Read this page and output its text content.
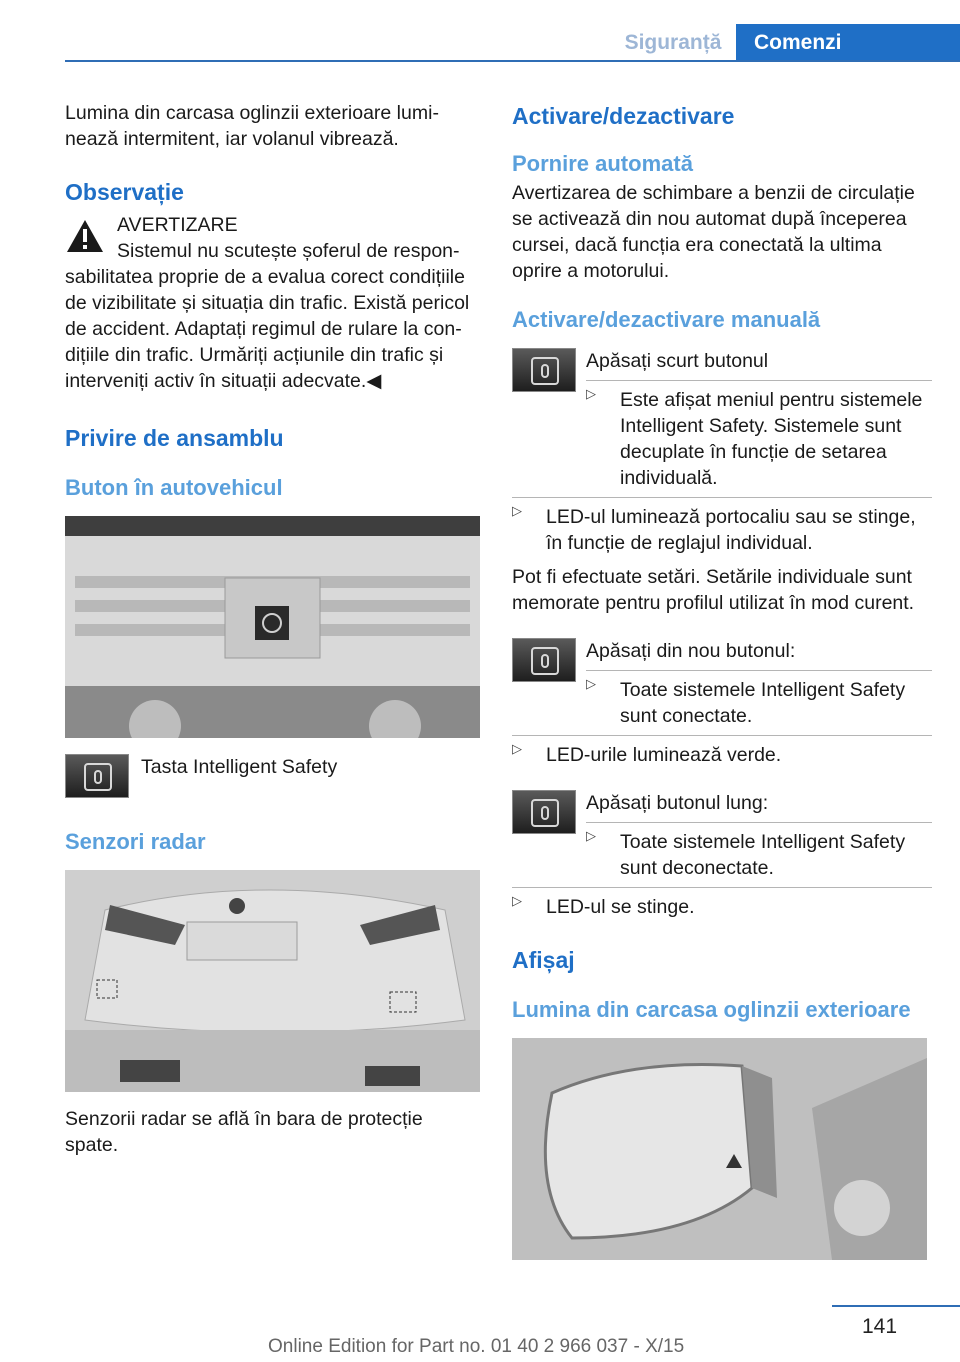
Siguranță	Comenzi

Lumina din carcasa oglinzii exterioare luminează intermitent, iar volanul vibrează.

Observație

AVERTIZARE

Sistemul nu scutește șoferul de responsabilitatea proprie de a evalua corect condițiile de vizibilitate și situația din trafic. Există pericol de accident. Adaptați regimul de rulare la condițiile din trafic. Urmăriți acțiunile din trafic și interveniți activ în situații adecvate.◀

Privire de ansamblu

Buton în autovehicul

Tasta Intelligent Safety

Senzori radar

Senzorii radar se află în bara de protecție spate.

Activare/dezactivare

Pornire automată

Avertizarea de schimbare a benzii de circulație se activează din nou automat după începerea cursei, dacă funcția era conectată la ultima oprire a motorului.

Activare/dezactivare manuală

Apăsați scurt butonul

▷ Este afișat meniul pentru sistemele Intelligent Safety. Sistemele sunt decuplate în funcție de setarea individuală.

▷ LED-ul luminează portocaliu sau se stinge, în funcție de reglajul individual.

Pot fi efectuate setări. Setările individuale sunt memorate pentru profilul utilizat în mod curent.

Apăsați din nou butonul:

▷ Toate sistemele Intelligent Safety sunt conectate.

▷ LED-urile luminează verde.

Apăsați butonul lung:

▷ Toate sistemele Intelligent Safety sunt deconectate.

▷ LED-ul se stinge.

Afișaj

Lumina din carcasa oglinzii exterioare

141
Online Edition for Part no. 01 40 2 966 037 - X/15
